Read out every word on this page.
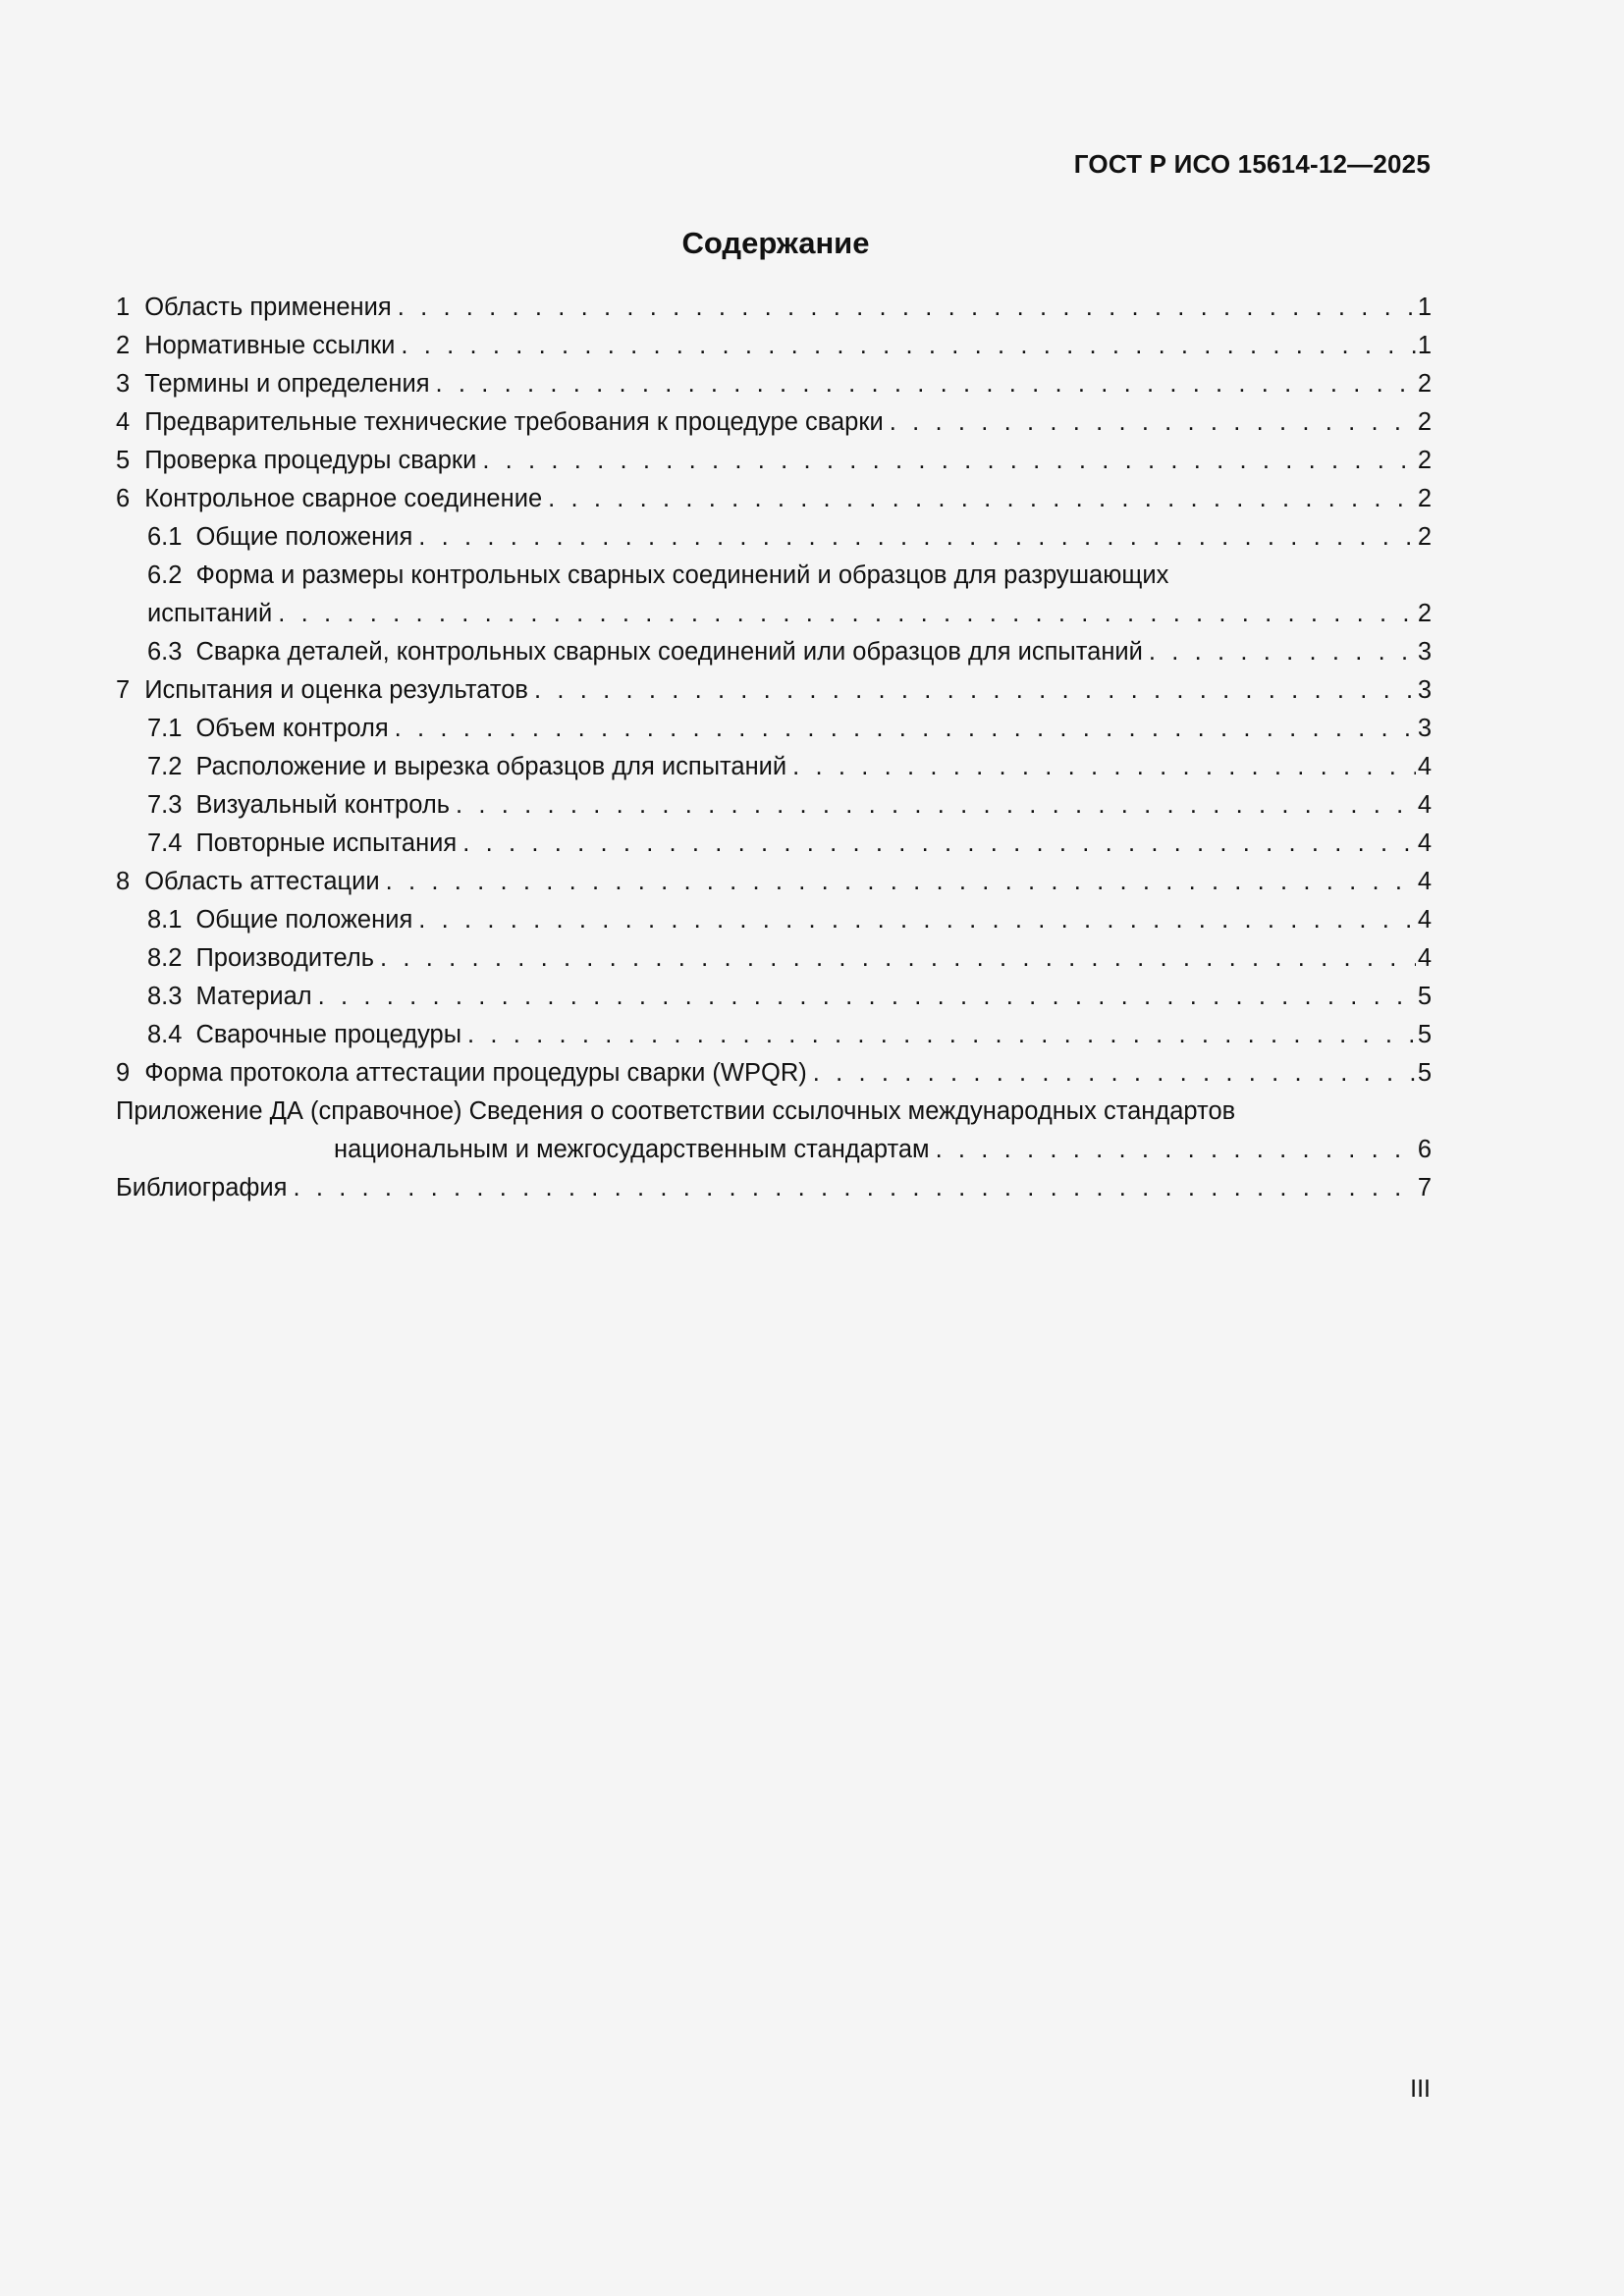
ГОСТ Р ИСО 15614-12—2025
Содержание
1 Область применения . . .	1
2 Нормативные ссылки . . .	1
3 Термины и определения . . .	2
4 Предварительные технические требования к процедуре сварки . . .	2
5 Проверка процедуры сварки . . .	2
6 Контрольное сварное соединение . . .	2
6.1 Общие положения . . .	2
6.2 Форма и размеры контрольных сварных соединений и образцов для разрушающих
испытаний . . .	2
6.3 Сварка деталей, контрольных сварных соединений или образцов для испытаний . . .	3
7 Испытания и оценка результатов . . .	3
7.1 Объем контроля . . .	3
7.2 Расположение и вырезка образцов для испытаний . . .	4
7.3 Визуальный контроль . . .	4
7.4 Повторные испытания . . .	4
8 Область аттестации . . .	4
8.1 Общие положения . . .	4
8.2 Производитель . . .	4
8.3 Материал . . .	5
8.4 Сварочные процедуры . . .	5
9 Форма протокола аттестации процедуры сварки (WPQR) . . .	5
Приложение ДА (справочное) Сведения о соответствии ссылочных международных стандартов
национальным и межгосударственным стандартам . . .	6
Библиография . . .	7
III
